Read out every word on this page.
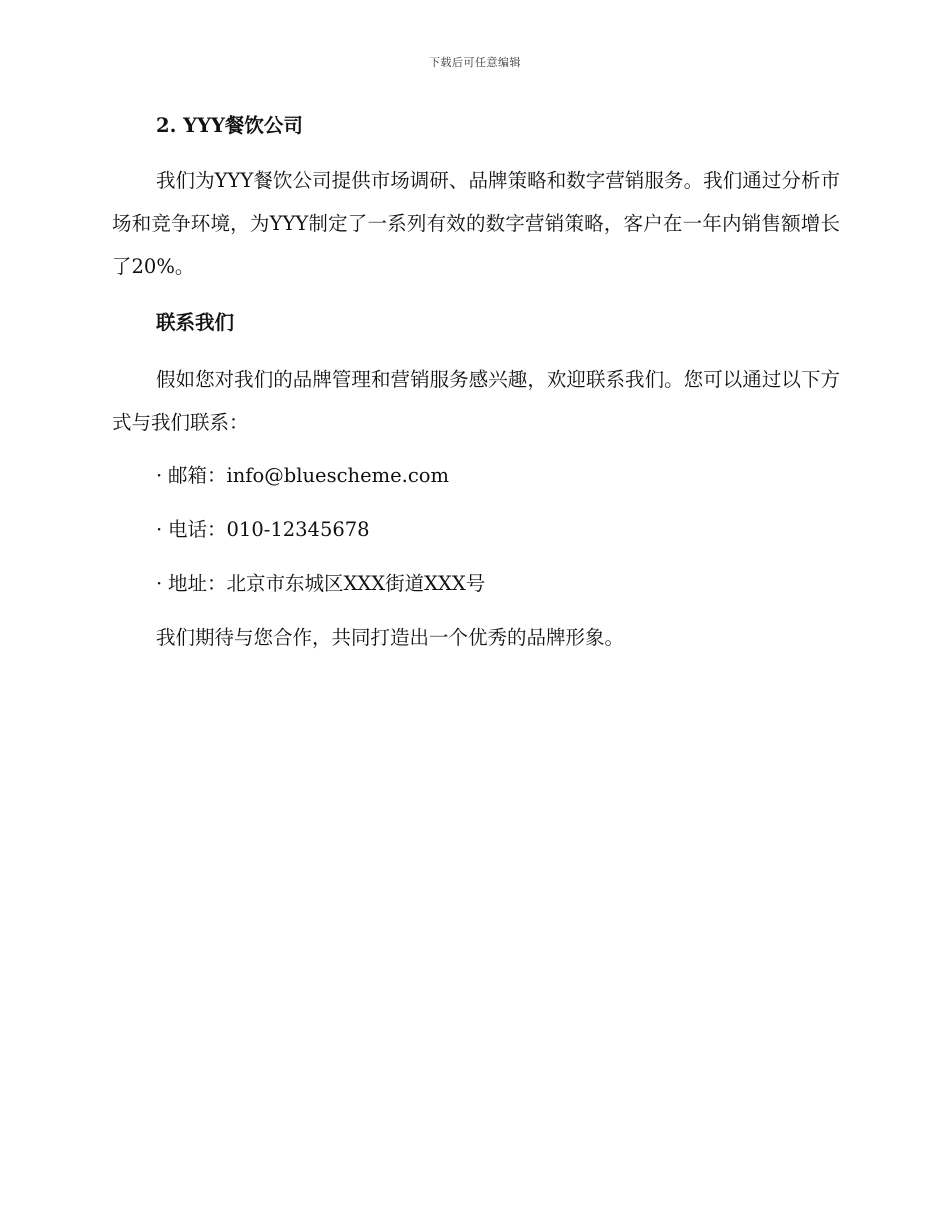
下载后可任意编辑
2. YYY餐饮公司

我们为YYY餐饮公司提供市场调研、品牌策略和数字营销服务。我们通过分析市场和竞争环境，为YYY制定了一系列有效的数字营销策略，客户在一年内销售额增长了20%。

联系我们

假如您对我们的品牌管理和营销服务感兴趣，欢迎联系我们。您可以通过以下方式与我们联系：

· 邮箱：info@bluescheme.com

· 电话：010-12345678

· 地址：北京市东城区XXX街道XXX号

我们期待与您合作，共同打造出一个优秀的品牌形象。
